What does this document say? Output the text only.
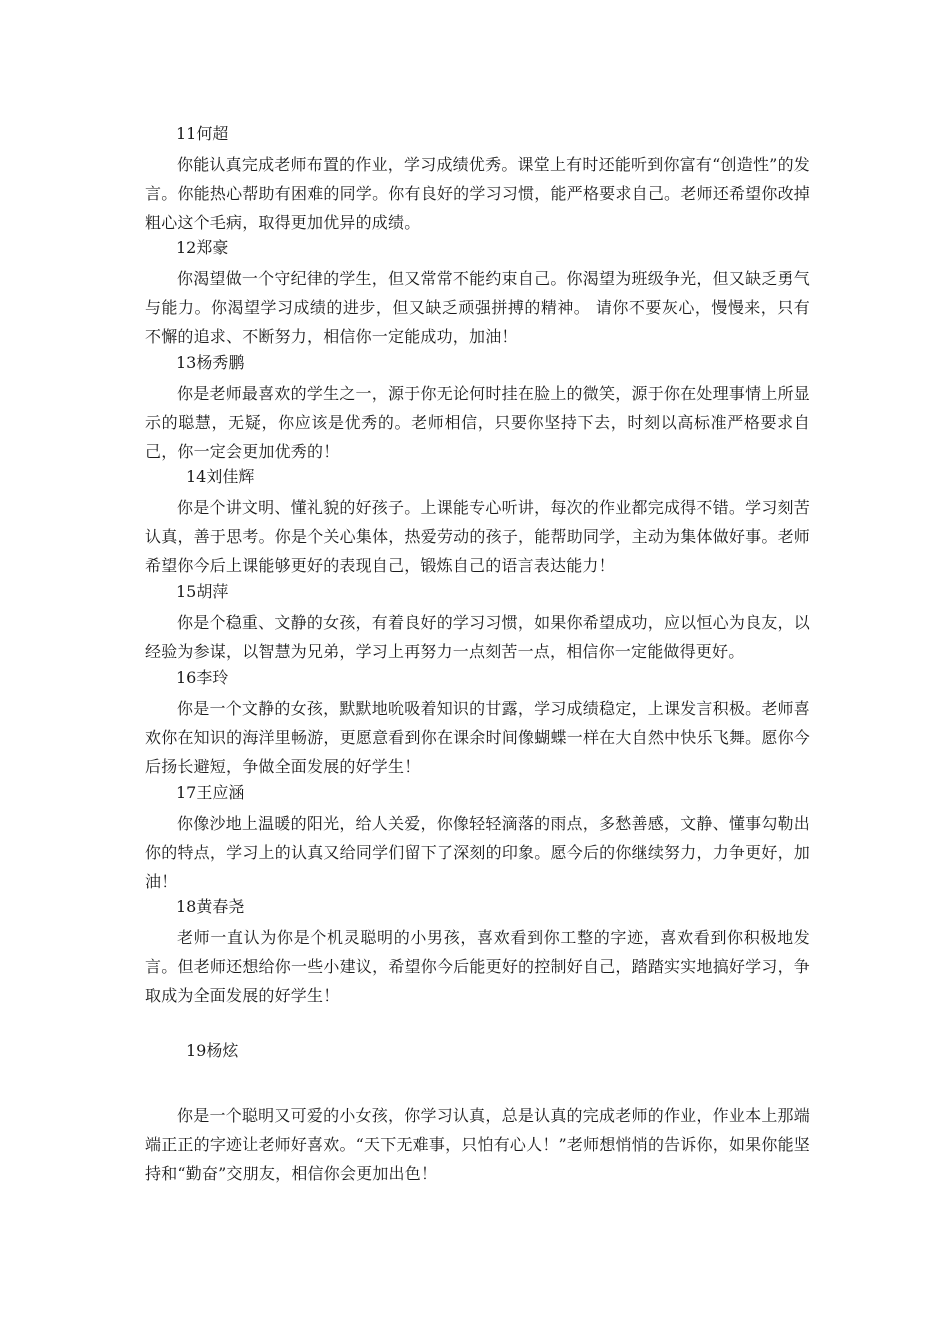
11何超
你能认真完成老师布置的作业，学习成绩优秀。课堂上有时还能听到你富有“创造性”的发言。你能热心帮助有困难的同学。你有良好的学习习惯，能严格要求自己。老师还希望你改掉粗心这个毛病，取得更加优异的成绩。
12郑豪
你渴望做一个守纪律的学生，但又常常不能约束自己。你渴望为班级争光，但又缺乏勇气与能力。你渴望学习成绩的进步，但又缺乏顽强拼搏的精神。 请你不要灰心，慢慢来，只有不懈的追求、不断努力，相信你一定能成功，加油！
13杨秀鹏
你是老师最喜欢的学生之一，源于你无论何时挂在脸上的微笑，源于你在处理事情上所显示的聪慧，无疑，你应该是优秀的。老师相信，只要你坚持下去，时刻以高标准严格要求自己，你一定会更加优秀的！
14刘佳辉
你是个讲文明、懂礼貌的好孩子。上课能专心听讲，每次的作业都完成得不错。学习刻苦认真，善于思考。你是个关心集体，热爱劳动的孩子，能帮助同学，主动为集体做好事。老师希望你今后上课能够更好的表现自己，锻炼自己的语言表达能力！
15胡萍
你是个稳重、文静的女孩，有着良好的学习习惯，如果你希望成功，应以恒心为良友，以经验为参谋，以智慧为兄弟，学习上再努力一点刻苦一点，相信你一定能做得更好。
16李玲
你是一个文静的女孩，默默地吮吸着知识的甘露，学习成绩稳定，上课发言积极。老师喜欢你在知识的海洋里畅游，更愿意看到你在课余时间像蝴蝶一样在大自然中快乐飞舞。愿你今后扬长避短，争做全面发展的好学生！
17王应涵
你像沙地上温暖的阳光，给人关爱，你像轻轻滴落的雨点，多愁善感，文静、懂事勾勒出你的特点，学习上的认真又给同学们留下了深刻的印象。愿今后的你继续努力，力争更好，加油！
18黄春尧
老师一直认为你是个机灵聪明的小男孩，喜欢看到你工整的字迹，喜欢看到你积极地发言。但老师还想给你一些小建议，希望你今后能更好的控制好自己，踏踏实实地搞好学习，争取成为全面发展的好学生！
19杨炫
你是一个聪明又可爱的小女孩，你学习认真，总是认真的完成老师的作业，作业本上那端端正正的字迹让老师好喜欢。“天下无难事，只怕有心人！”老师想悄悄的告诉你，如果你能坚持和“勤奋”交朋友，相信你会更加出色！
